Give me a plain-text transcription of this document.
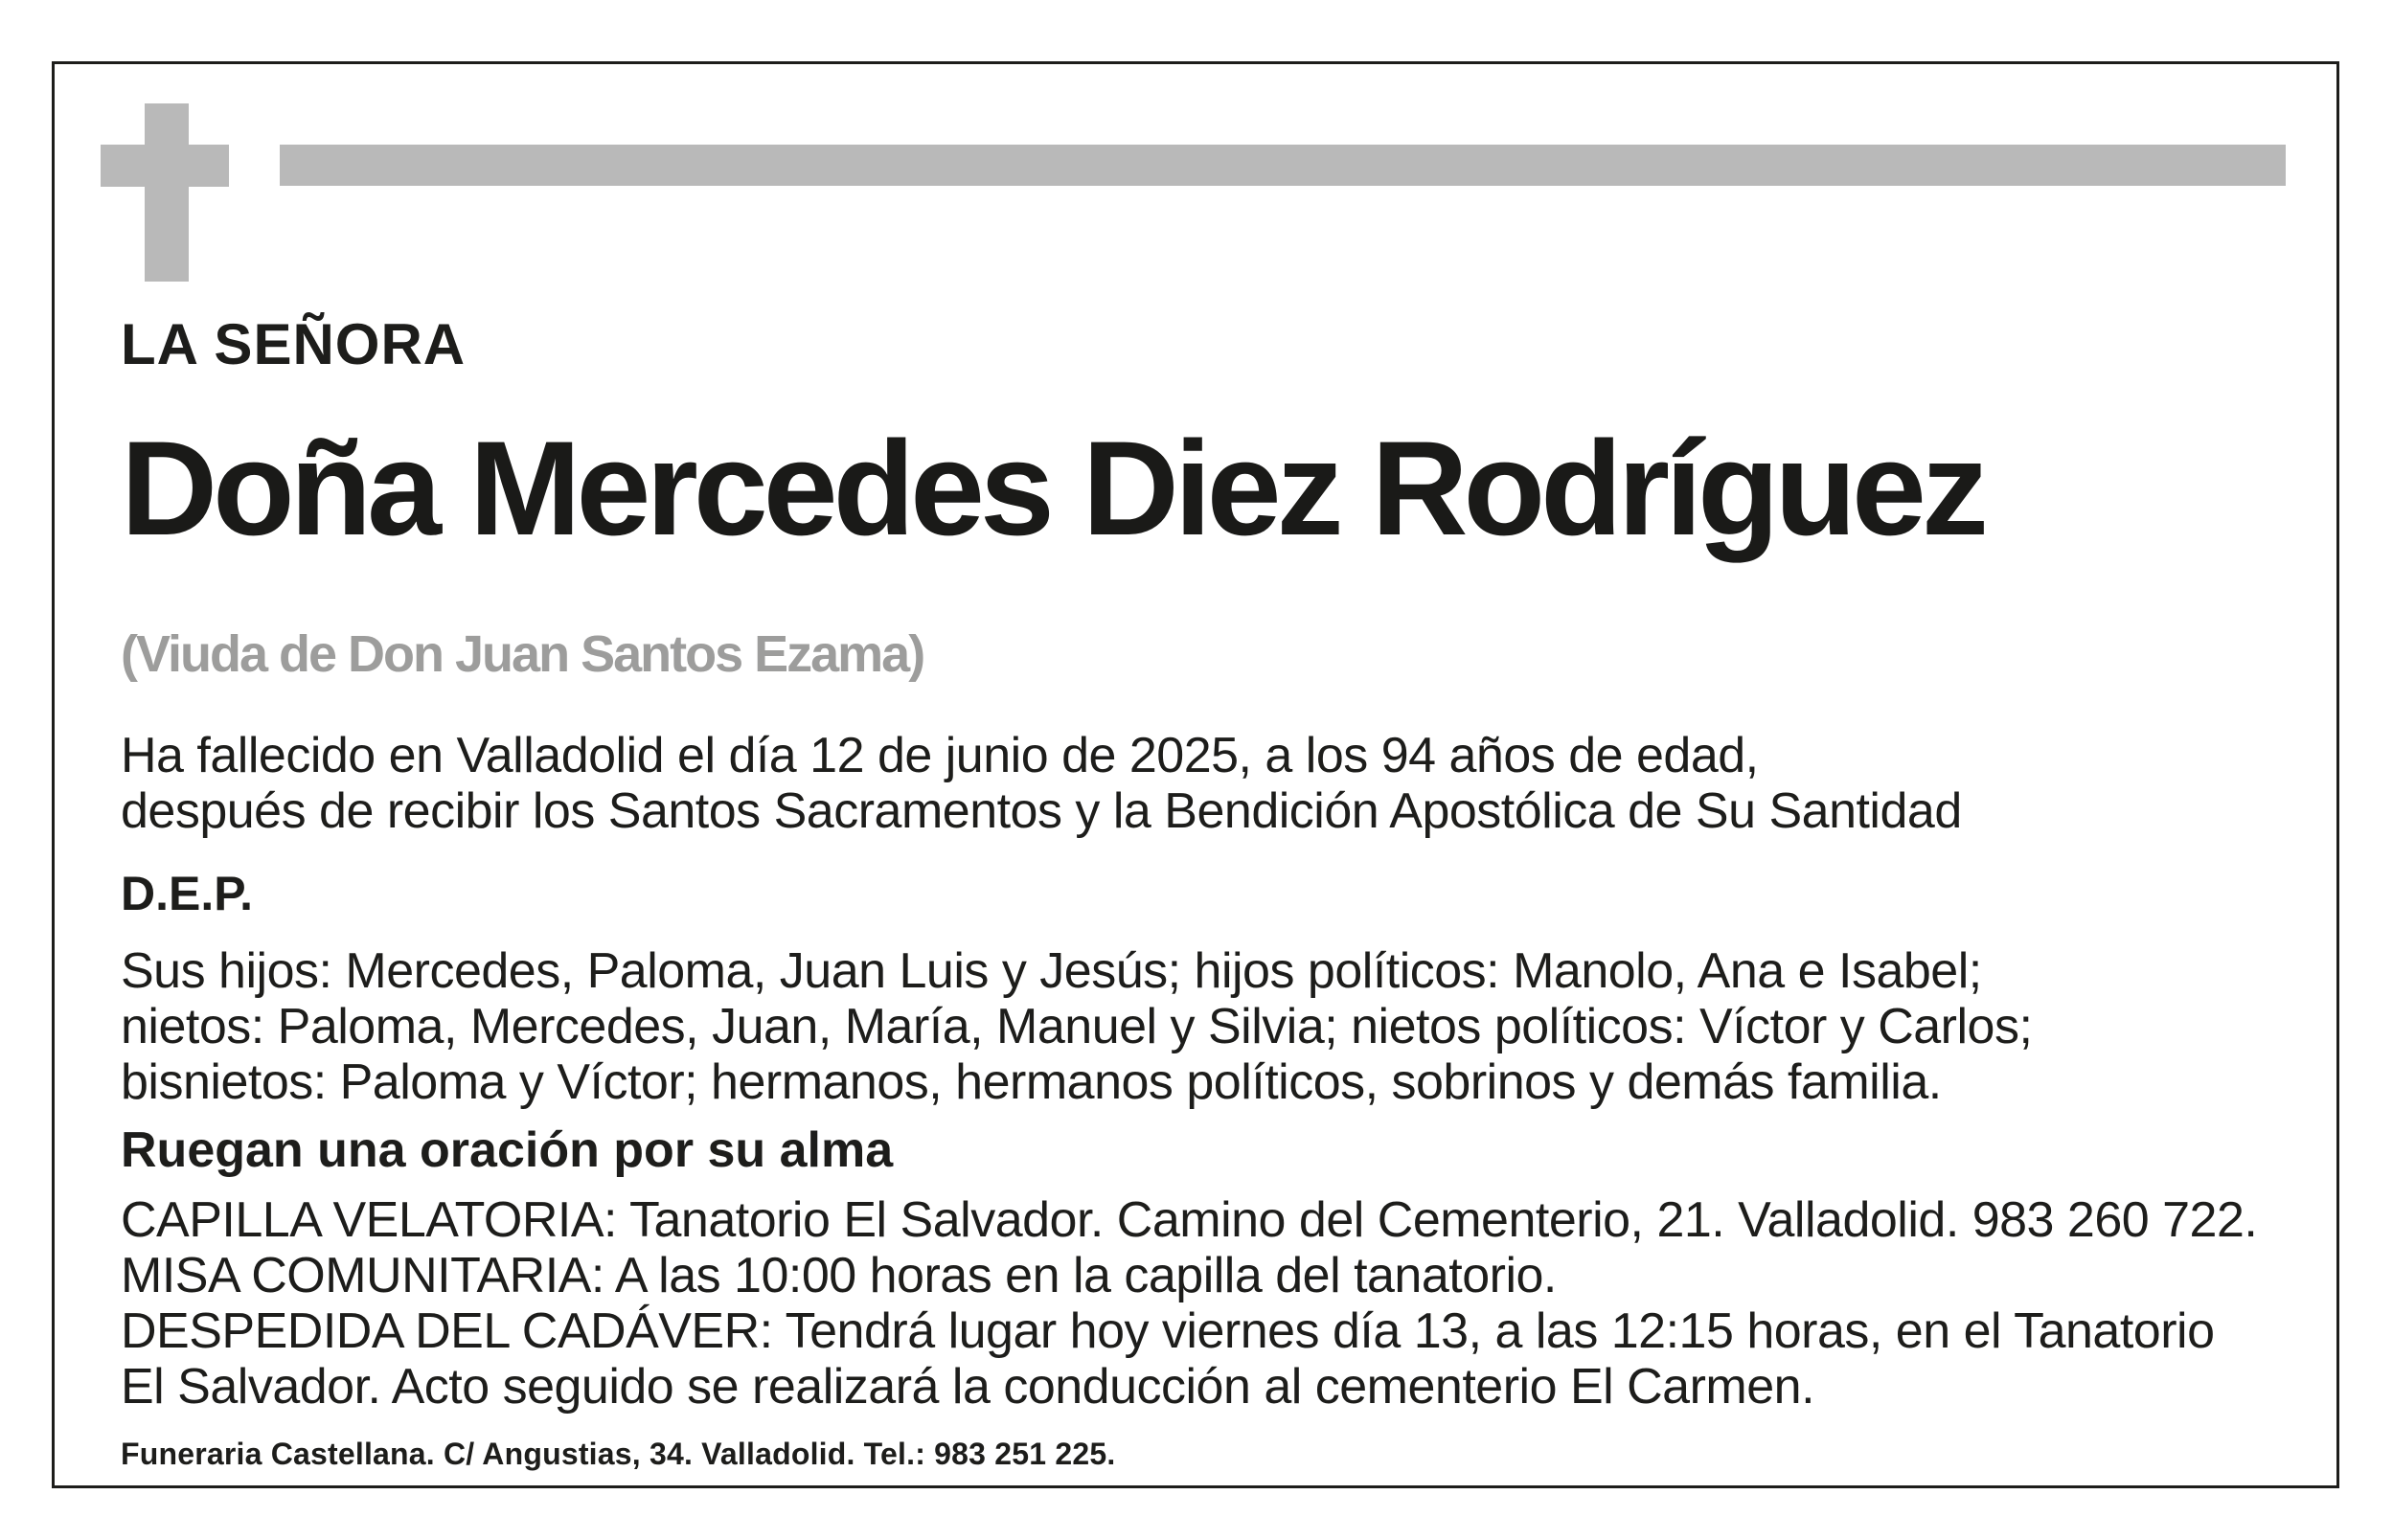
LA SEÑORA

Doña Mercedes Diez Rodríguez

(Viuda de Don Juan Santos Ezama)

Ha fallecido en Valladolid el día 12 de junio de 2025, a los 94 años de edad,

después de recibir los Santos Sacramentos y la Bendición Apostólica de Su Santidad

D.E.P.

Sus hijos: Mercedes, Paloma, Juan Luis y Jesús; hijos políticos: Manolo, Ana e Isabel;

nietos: Paloma, Mercedes, Juan, María, Manuel y Silvia; nietos políticos: Víctor y Carlos;

bisnietos: Paloma y Víctor; hermanos, hermanos políticos, sobrinos y demás familia.

Ruegan una oración por su alma

CAPILLA VELATORIA: Tanatorio El Salvador. Camino del Cementerio, 21. Valladolid. 983 260 722.

MISA COMUNITARIA: A las 10:00 horas en la capilla del tanatorio.

DESPEDIDA DEL CADÁVER: Tendrá lugar hoy viernes día 13, a las 12:15 horas, en el Tanatorio

El Salvador. Acto seguido se realizará la conducción al cementerio El Carmen.

Funeraria Castellana. C/ Angustias, 34. Valladolid. Tel.: 983 251 225.
